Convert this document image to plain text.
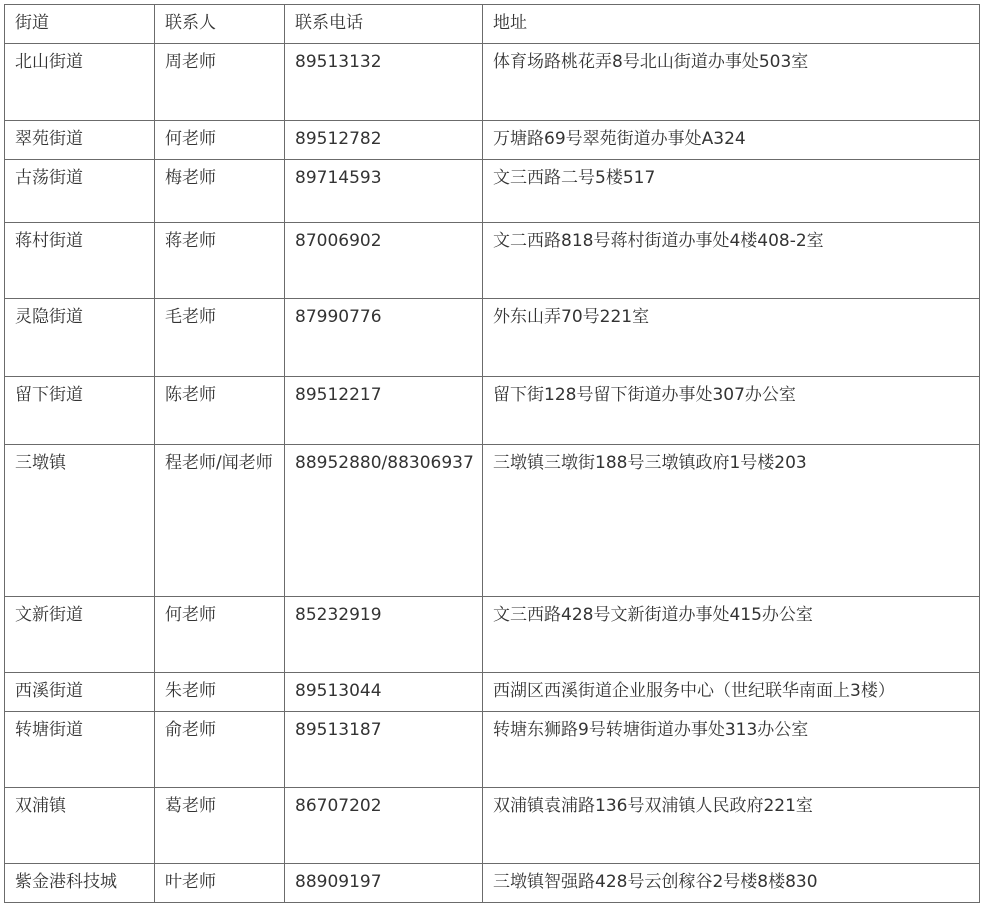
街道	联系人	联系电话	地址
北山街道	周老师	89513132	体育场路桃花弄8号北山街道办事处503室
翠苑街道	何老师	89512782	万塘路69号翠苑街道办事处A324
古荡街道	梅老师	89714593	文三西路二号5楼517
蒋村街道	蒋老师	87006902	文二西路818号蒋村街道办事处4楼408-2室
灵隐街道	毛老师	87990776	外东山弄70号221室
留下街道	陈老师	89512217	留下街128号留下街道办事处307办公室
三墩镇	程老师/闻老师	88952880/88306937	三墩镇三墩街188号三墩镇政府1号楼203
文新街道	何老师	85232919	文三西路428号文新街道办事处415办公室
西溪街道	朱老师	89513044	西湖区西溪街道企业服务中心（世纪联华南面上3楼）
转塘街道	俞老师	89513187	转塘东狮路9号转塘街道办事处313办公室
双浦镇	葛老师	86707202	双浦镇袁浦路136号双浦镇人民政府221室
紫金港科技城	叶老师	88909197	三墩镇智强路428号云创稼谷2号楼8楼830
